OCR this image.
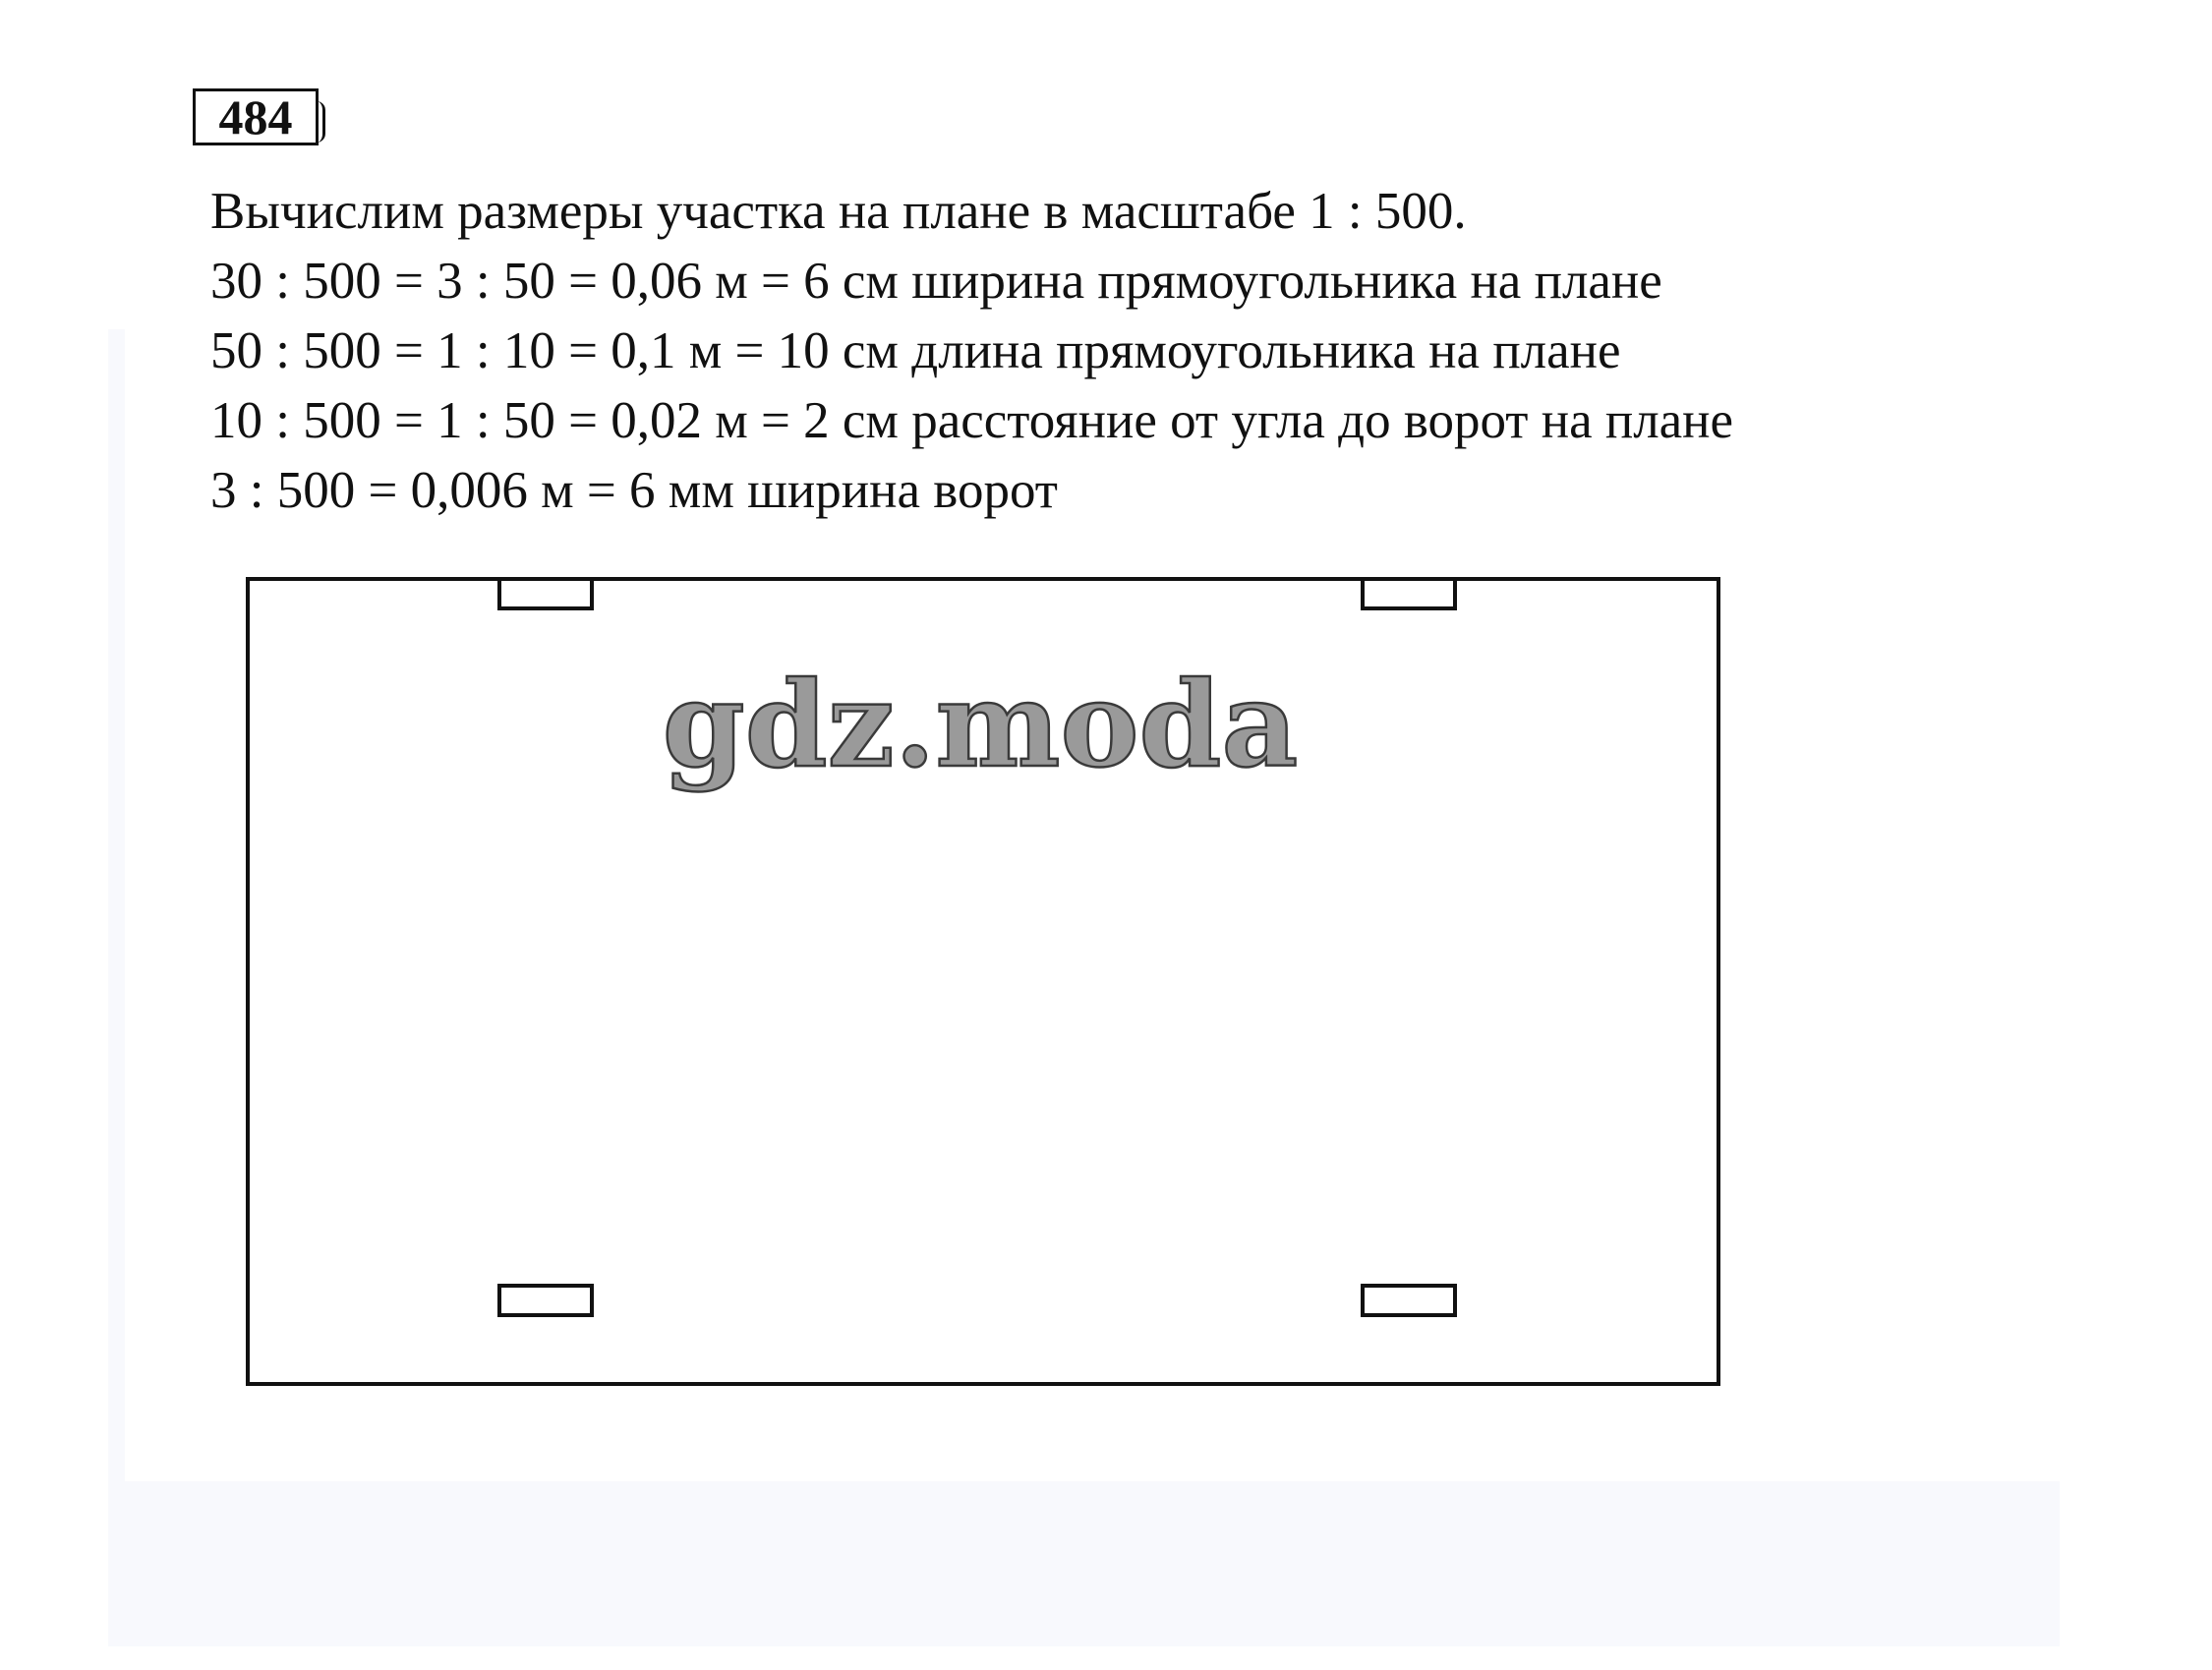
484
Вычислим размеры участка на плане в масштабе 1 : 500.
30 : 500 = 3 : 50 = 0,06 м = 6 см ширина прямоугольника на плане
50 : 500 = 1 : 10 = 0,1 м = 10 см длина прямоугольника на плане
10 : 500 = 1 : 50 = 0,02 м = 2 см расстояние от угла до ворот на плане
3 : 500 = 0,006 м = 6 мм ширина ворот
gdz.moda
